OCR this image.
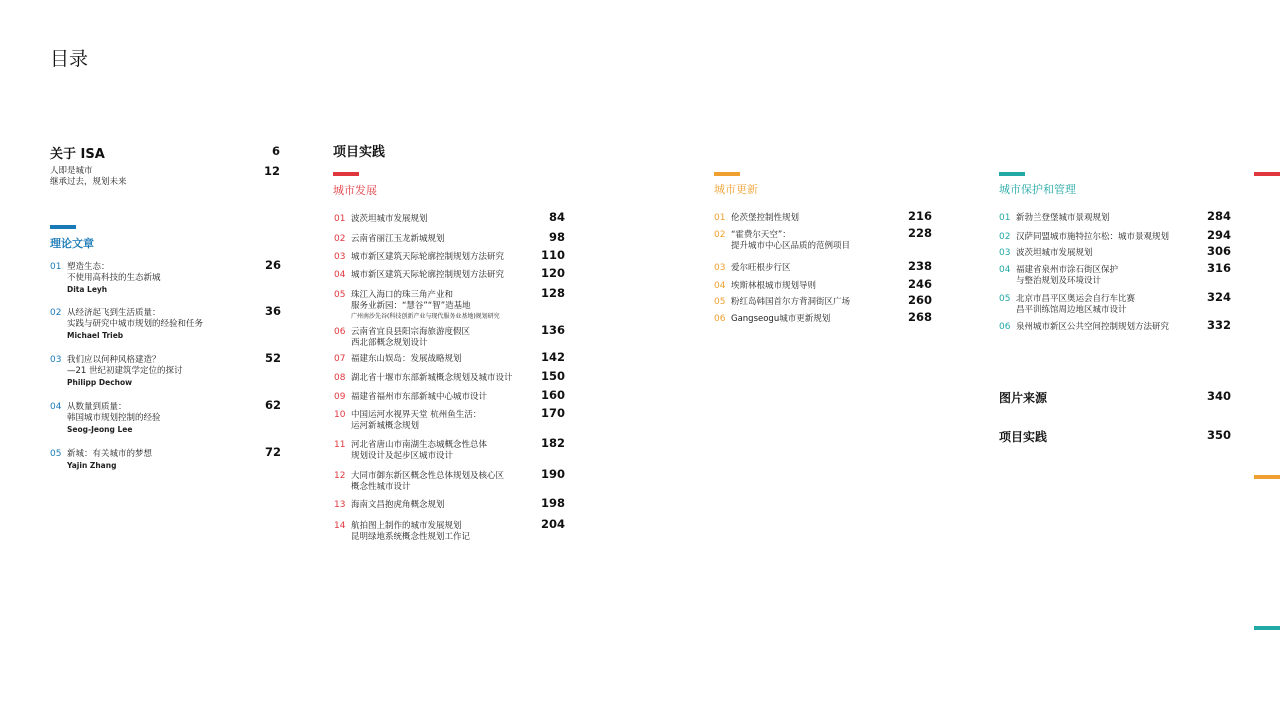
目录
关于 ISA	6
人即是城市	12
继承过去，规划未来
理论文章
01 塑造生态：
不使用高科技的生态新城
Dita Leyh
26
02 从经济起飞到生活质量：
实践与研究中城市规划的经验和任务
Michael Trieb
36
03 我们应以何种风格建造？
—21 世纪初建筑学定位的探讨
Philipp Dechow
52
04 从数量到质量：
韩国城市规划控制的经验
Seog-Jeong Lee
62
05 新城：有关城市的梦想
Yajin Zhang
72
项目实践
城市发展
01 波茨坦城市发展规划	84
02 云南省丽江玉龙新城规划	98
03 城市新区建筑天际轮廓控制规划方法研究	110
04 城市新区建筑天际轮廓控制规划方法研究	120
05 珠江入海口的珠三角产业和
服务业新园：“慧谷”“智”造基地
广州南沙先谷(科技创新产业与现代服务业基地)规划研究
128
06 云南省宜良县阳宗海旅游度假区
西北部概念规划设计
136
07 福建东山娱岛：发展战略规划	142
08 湖北省十堰市东部新城概念规划及城市设计	150
09 福建省福州市东部新城中心城市设计	160
10 中国运河水视界天堂 杭州鱼生活：
运河新城概念规划
170
11 河北省唐山市南湖生态城概念性总体
规划设计及起步区城市设计
182
12 大同市御东新区概念性总体规划及核心区
概念性城市设计
190
13 海南文昌抱虎角概念规划	198
14 航拍图上制作的城市发展规划
昆明绿地系统概念性规划工作记
204
城市更新
01 伦茨堡控制性规划	216
02 “霍费尔天空”：
提升城市中心区品质的范例项目
228
03 爱尔旺根步行区	238
04 埃斯林根城市规划导则	246
05 粉红岛韩国首尔方背洞街区广场	260
06 Gangseogu城市更新规划	268
城市保护和管理
01 新勃兰登堡城市景观规划	284
02 汉萨同盟城市施特拉尔松：城市景观规划	294
03 波茨坦城市发展规划	306
04 福建省泉州市涂石街区保护
与整治规划及环境设计
316
05 北京市昌平区奥运会自行车比赛
昌平训练馆周边地区城市设计
324
06 泉州城市新区公共空间控制规划方法研究	332
图片来源	340
项目实践	350
